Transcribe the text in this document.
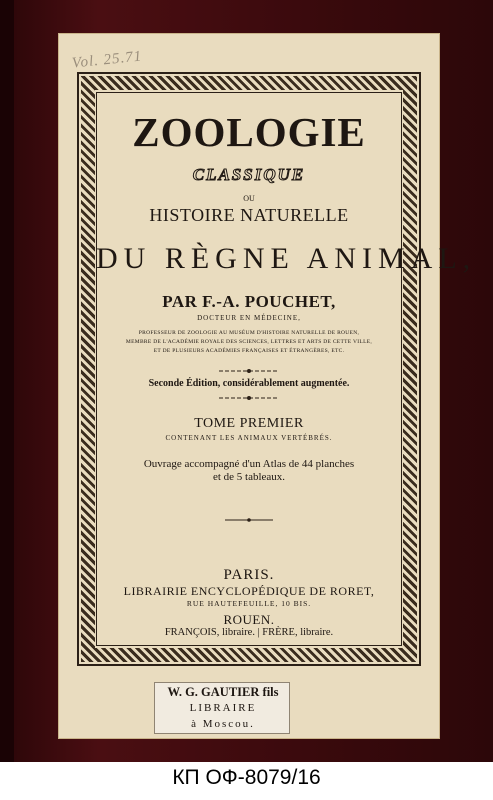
Vol. 25.71
ZOOLOGIE
CLASSIQUE
OU
HISTOIRE NATURELLE
DU RÈGNE ANIMAL,
PAR F.-A. POUCHET,
DOCTEUR EN MÉDECINE,
PROFESSEUR DE ZOOLOGIE AU MUSÉUM D'HISTOIRE NATURELLE DE ROUEN,
MEMBRE DE L'ACADÉMIE ROYALE DES SCIENCES, LETTRES ET ARTS DE CETTE VILLE,
ET DE PLUSIEURS ACADÉMIES FRANÇAISES ET ÉTRANGÈRES, ETC.
Seconde Édition, considérablement augmentée.
TOME PREMIER
CONTENANT LES ANIMAUX VERTÉBRÉS.
Ouvrage accompagné d'un Atlas de 44 planches
et de 5 tableaux.
PARIS.
LIBRAIRIE ENCYCLOPÉDIQUE DE RORET,
RUE HAUTEFEUILLE, 10 BIS.
ROUEN.
FRANÇOIS, libraire. | FRÈRE, libraire.
W. G. GAUTIER fils
LIBRAIRE
à Moscou.
КП ОФ-8079/16
